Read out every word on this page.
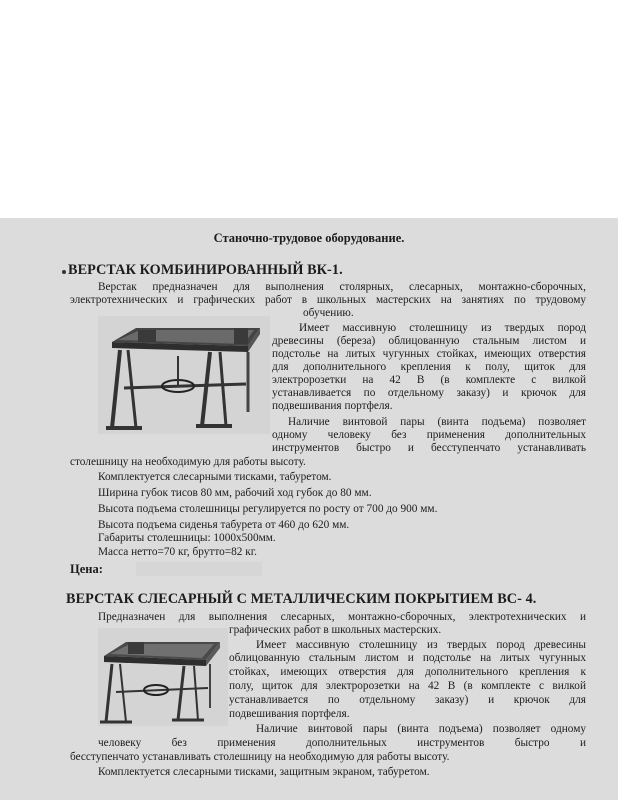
Станочно-трудовое оборудование.
ВЕРСТАК КОМБИНИРОВАННЫЙ ВК-1.
Верстак предназначен для выполнения столярных, слесарных, монтажно-сборочных,
электротехнических и графических работ в школьных мастерских на занятиях по трудовому
обучению.
Имеет массивную столешницу из твердых пород
древесины (береза) облицованную стальным листом и
подстолье на литых чугунных стойках, имеющих отверстия
для дополнительного крепления к полу, щиток для
электророзетки на 42 В (в комплекте с вилкой
устанавливается по отдельному заказу) и крючок для
подвешивания портфеля.
Наличие винтовой пары (винта подъема) позволяет
одному человеку без применения дополнительных
инструментов быстро и бесступенчато устанавливать
столешницу на необходимую для работы высоту.
Комплектуется слесарными тисками, табуретом.
Ширина губок тисов 80 мм, рабочий ход губок до 80 мм.
Высота подъема столешницы регулируется по росту от 700 до 900 мм.
Высота подъема сиденья табурета от 460 до 620 мм.
Габариты столешницы: 1000х500мм.
Масса нетто=70 кг, брутто=82 кг.
Цена:
ВЕРСТАК СЛЕСАРНЫЙ С МЕТАЛЛИЧЕСКИМ ПОКРЫТИЕМ ВС- 4.
Предназначен для выполнения слесарных, монтажно-сборочных, электротехнических и
графических работ в школьных мастерских.
Имеет массивную столешницу из твердых пород древесины
облицованную стальным листом и подстолье на литых чугунных
стойках, имеющих отверстия для дополнительного крепления к
полу, щиток для электророзетки на 42 В (в комплекте с вилкой
устанавливается по отдельному заказу) и крючок для
подвешивания портфеля.
Наличие винтовой пары (винта подъема) позволяет одному
человеку без применения дополнительных инструментов быстро и
бесступенчато устанавливать столешницу на необходимую для работы высоту.
Комплектуется слесарными тисками, защитным экраном, табуретом.
